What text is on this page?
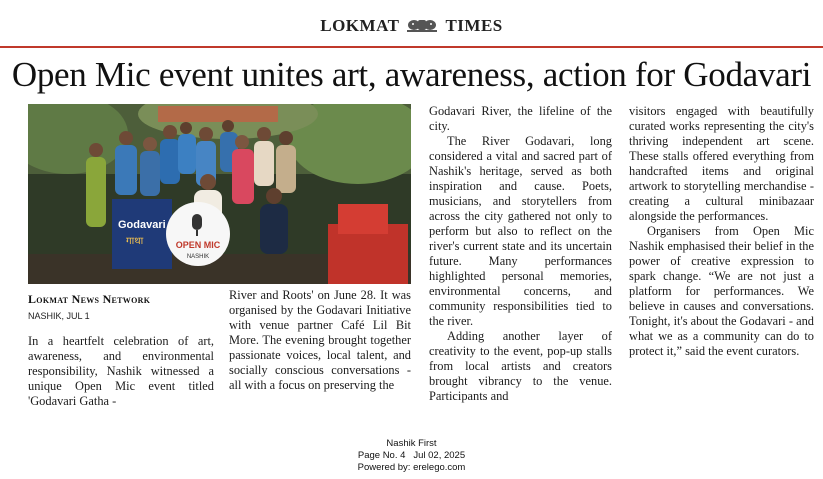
LOKMAT	TIMES
Open Mic event unites art, awareness, action for Godavari
Godavari
गाथा	OPEN MIC
NASHIK
Lokmat News Network
NASHIK, JUL 1

In a heartfelt celebration of art, awareness, and environmental responsibility, Nashik witnessed a unique Open Mic event titled 'Godavari Gatha -

River and Roots' on June 28. It was organised by the Godavari Initiative with venue partner Café Lil Bit More. The evening brought together passionate voices, local talent, and socially conscious conversations - all with a focus on preserving the

Godavari River, the lifeline of the city.

The River Godavari, long considered a vital and sacred part of Nashik's heritage, served as both inspiration and cause. Poets, musicians, and storytellers from across the city gathered not only to perform but also to reflect on the river's current state and its uncertain future. Many performances highlighted personal memories, environmental concerns, and community responsibilities tied to the river.

Adding another layer of creativity to the event, pop-up stalls from local artists and creators brought vibrancy to the venue. Participants and

visitors engaged with beautifully curated works representing the city's thriving independent art scene. These stalls offered everything from handcrafted items and original artwork to storytelling merchandise - creating a cultural minibazaar alongside the performances.

Organisers from Open Mic Nashik emphasised their belief in the power of creative expression to spark change. “We are not just a platform for performances. We believe in causes and conversations. Tonight, it's about the Godavari - and what we as a community can do to protect it,” said the event curators.

Nashik First
Page No. 4 Jul 02, 2025
Powered by: erelego.com
